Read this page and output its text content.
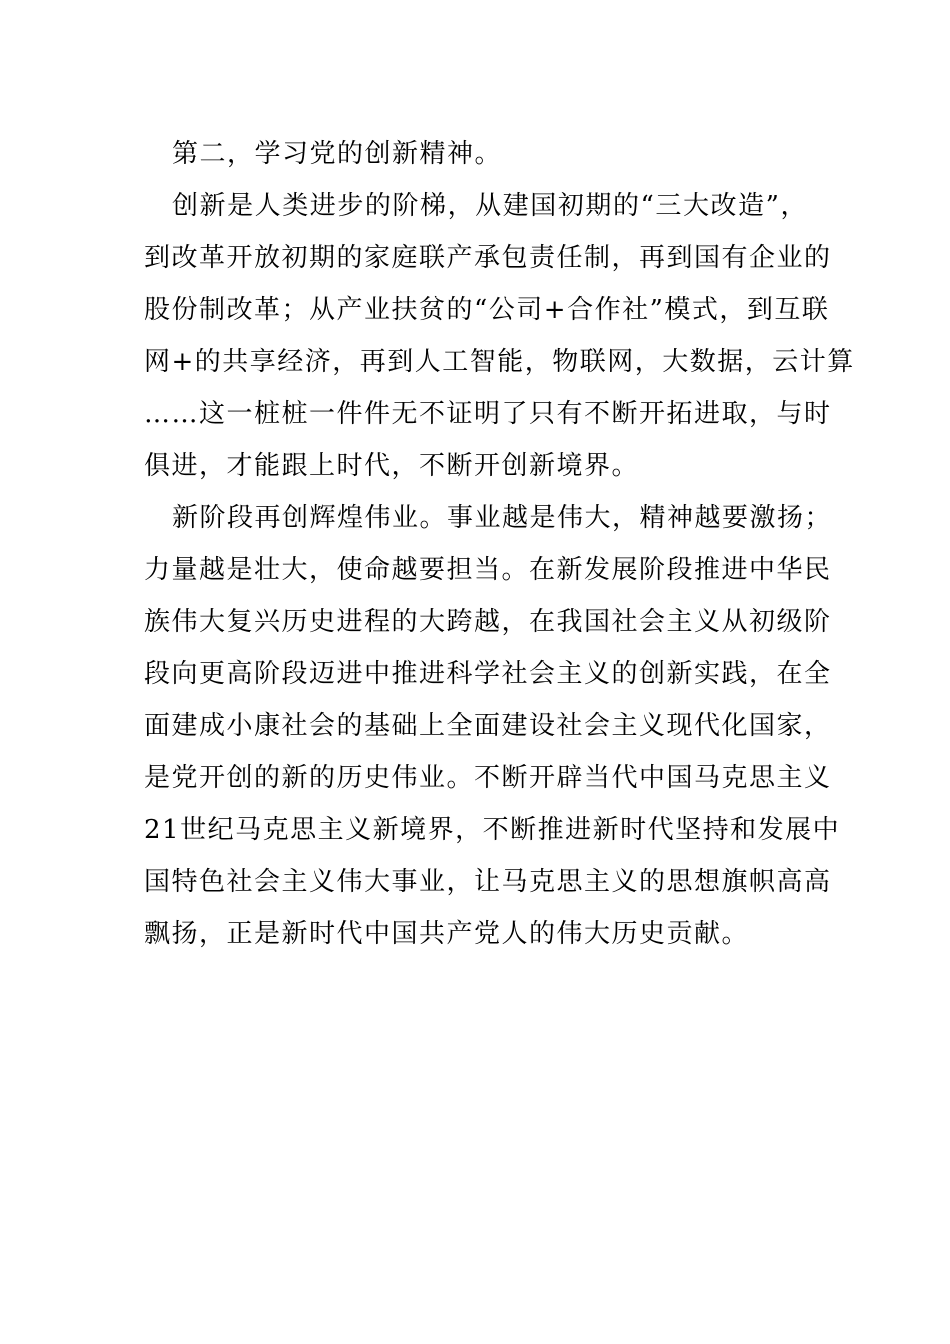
第二，学习党的创新精神。
创新是人类进步的阶梯，从建国初期的“三大改造”，
到改革开放初期的家庭联产承包责任制，再到国有企业的
股份制改革；从产业扶贫的“公司+合作社”模式，到互联
网+的共享经济，再到人工智能，物联网，大数据，云计算
……这一桩桩一件件无不证明了只有不断开拓进取，与时
俱进，才能跟上时代，不断开创新境界。
新阶段再创辉煌伟业。事业越是伟大，精神越要激扬；
力量越是壮大，使命越要担当。在新发展阶段推进中华民
族伟大复兴历史进程的大跨越，在我国社会主义从初级阶
段向更高阶段迈进中推进科学社会主义的创新实践，在全
面建成小康社会的基础上全面建设社会主义现代化国家，
是党开创的新的历史伟业。不断开辟当代中国马克思主义
21世纪马克思主义新境界，不断推进新时代坚持和发展中
国特色社会主义伟大事业，让马克思主义的思想旗帜高高
飘扬，正是新时代中国共产党人的伟大历史贡献。
